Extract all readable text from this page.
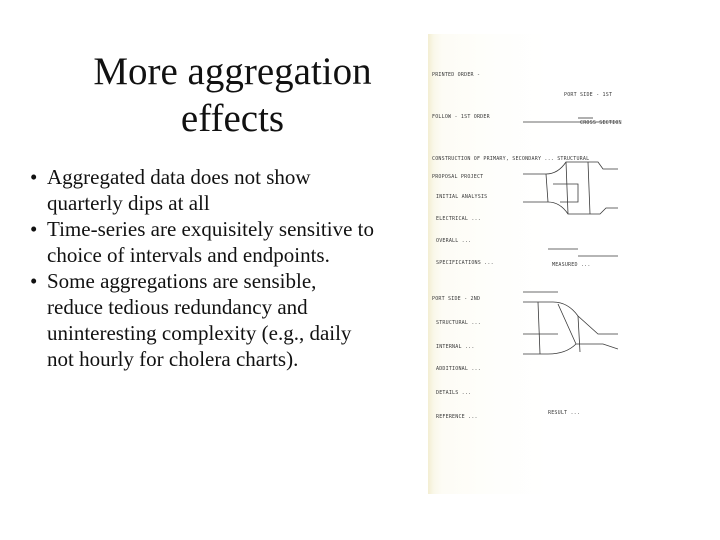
More aggregation effects
• Aggregated data does not show quarterly dips at all
• Time-series are exquisitely sensitive to choice of intervals and endpoints.
• Some aggregations are sensible, reduce tedious redundancy and uninteresting complexity (e.g., daily not hourly for cholera charts).
PRINTED ORDER -
PORT SIDE - 1ST
FOLLOW - 1ST ORDER
CROSS SECTION
CONSTRUCTION OF PRIMARY, SECONDARY ... STRUCTURAL
PROPOSAL PROJECT
INITIAL ANALYSIS
ELECTRICAL ...
OVERALL ...
SPECIFICATIONS ...	MEASURED ...
PORT SIDE - 2ND
STRUCTURAL ...
INTERNAL ...
ADDITIONAL ...
DETAILS ...
REFERENCE ...
RESULT ...
